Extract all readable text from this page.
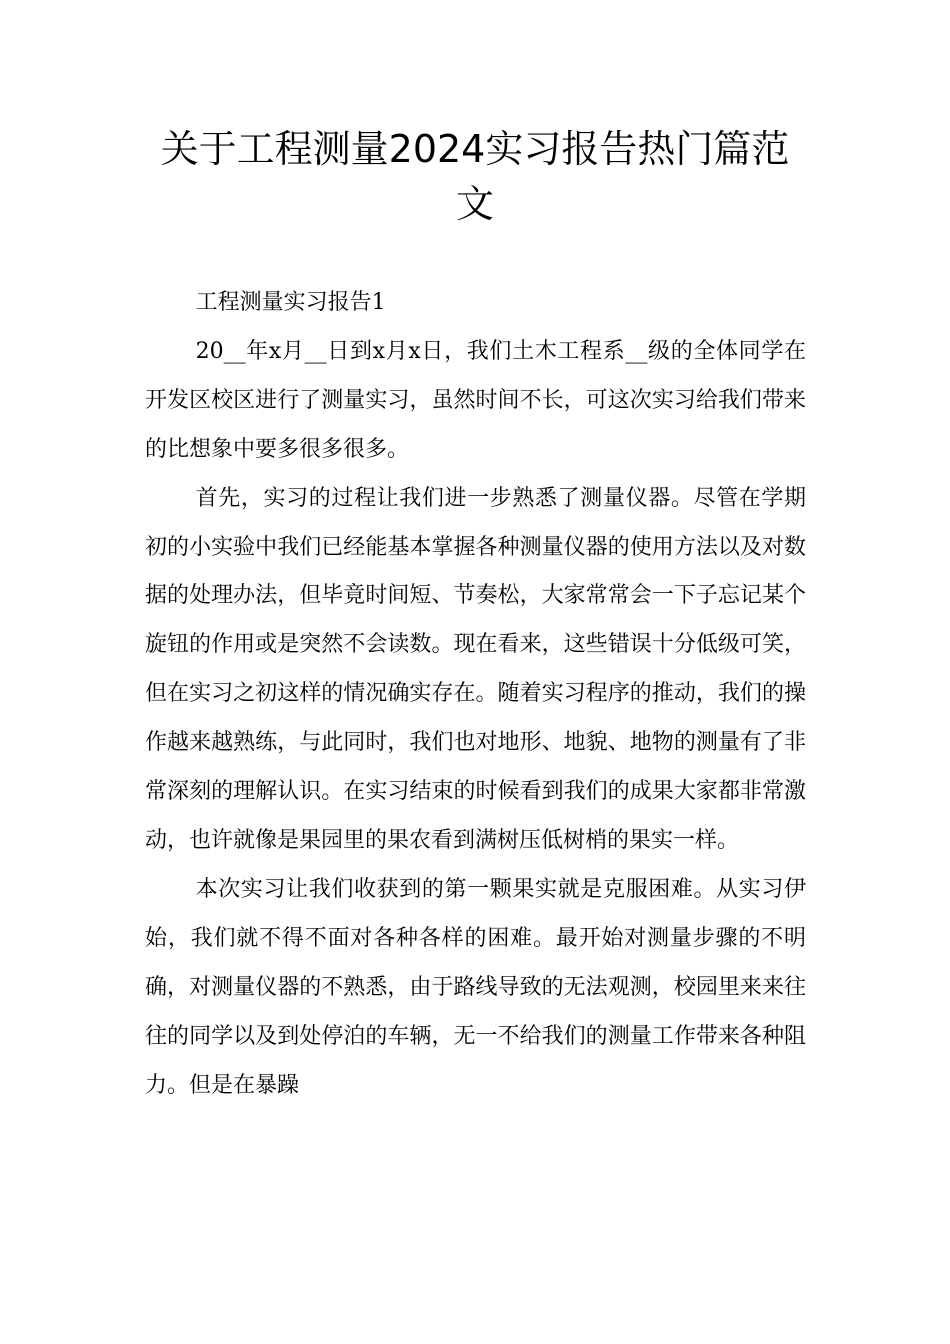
关于工程测量2024实习报告热门篇范
文

工程测量实习报告1

20__年x月__日到x月x日，我们土木工程系__级的全体同学在开发区校区进行了测量实习，虽然时间不长，可这次实习给我们带来的比想象中要多很多很多。

首先，实习的过程让我们进一步熟悉了测量仪器。尽管在学期初的小实验中我们已经能基本掌握各种测量仪器的使用方法以及对数据的处理办法，但毕竟时间短、节奏松，大家常常会一下子忘记某个旋钮的作用或是突然不会读数。现在看来，这些错误十分低级可笑，但在实习之初这样的情况确实存在。随着实习程序的推动，我们的操作越来越熟练，与此同时，我们也对地形、地貌、地物的测量有了非常深刻的理解认识。在实习结束的时候看到我们的成果大家都非常激动，也许就像是果园里的果农看到满树压低树梢的果实一样。

本次实习让我们收获到的第一颗果实就是克服困难。从实习伊始，我们就不得不面对各种各样的困难。最开始对测量步骤的不明确，对测量仪器的不熟悉，由于路线导致的无法观测，校园里来来往往的同学以及到处停泊的车辆，无一不给我们的测量工作带来各种阻力。但是在暴躁
